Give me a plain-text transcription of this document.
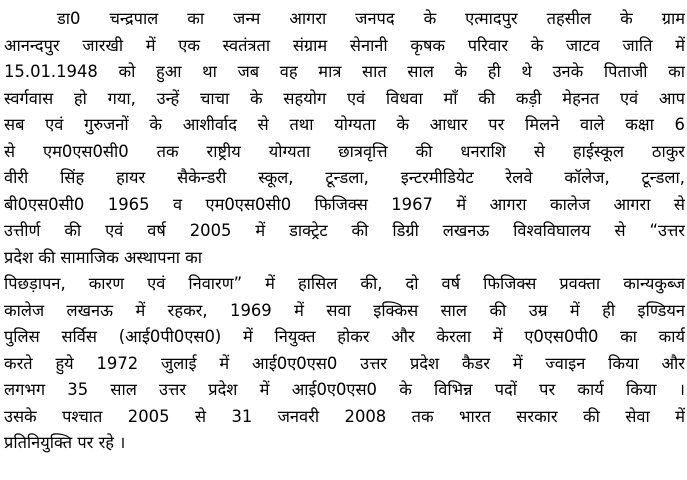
डा0 चन्द्रपाल का जन्म आगरा जनपद के एत्मादपुर तहसील के ग्राम
आनन्दपुर जारखी में एक स्वतंत्रता संग्राम सेनानी कृषक परिवार के जाटव जाति में
15.01.1948 को हुआ था जब वह मात्र सात साल के ही थे उनके पिताजी का
स्वर्गवास हो गया, उन्हें चाचा के सहयोग एवं विधवा माँ की कड़ी मेहनत एवं आप
सब एवं गुरुजनों के आशीर्वाद से तथा योग्यता के आधार पर मिलने वाले कक्षा 6
से एम0एस0सी0 तक राष्ट्रीय योग्यता छात्रवृत्ति की धनराशि से हाईस्कूल ठाकुर
वीरी सिंह हायर सैकेन्डरी स्कूल, टून्डला, इन्टरमीडियेट रेलवे कॉलेज, टून्डला,
बी0एस0सी0 1965 व एम0एस0सी0 फिजिक्स 1967 में आगरा कालेज आगरा से
उत्तीर्ण की एवं वर्ष 2005 में डाक्ट्रेट की डिग्री लखनऊ विश्वविघालय से “उत्तर
प्रदेश की सामाजिक अस्थापना का
पिछड़ापन, कारण एवं निवारण” में हासिल की, दो वर्ष फिजिक्स प्रवक्ता कान्यकुब्ज
कालेज लखनऊ में रहकर, 1969 में सवा इक्किस साल की उम्र में ही इण्डियन
पुलिस सर्विस (आई0पी0एस0) में नियुक्त होकर और केरला में ए0एस0पी0 का कार्य
करते हुये 1972 जुलाई में आई0ए0एस0 उत्तर प्रदेश कैडर में ज्वाइन किया और
लगभग 35 साल उत्तर प्रदेश में आई0ए0एस0 के विभिन्न पदों पर कार्य किया ।
उसके पश्चात 2005 से 31 जनवरी 2008 तक भारत सरकार की सेवा में
प्रतिनियुक्ति पर रहे ।
